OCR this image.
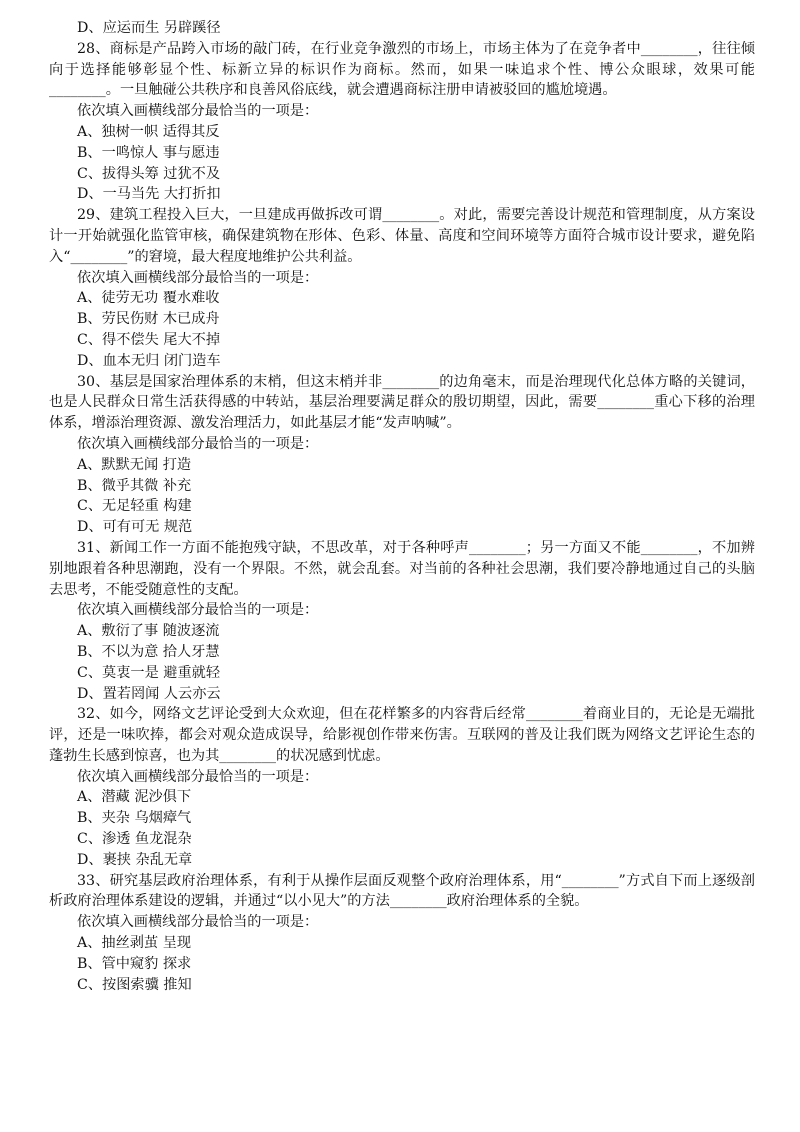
D、应运而生 另辟蹊径

28、商标是产品跨入市场的敲门砖，在行业竞争激烈的市场上，市场主体为了在竞争者中________，往往倾向于选择能够彰显个性、标新立异的标识作为商标。然而，如果一味追求个性、博公众眼球，效果可能________。一旦触碰公共秩序和良善风俗底线，就会遭遇商标注册申请被驳回的尴尬境遇。

依次填入画横线部分最恰当的一项是：
A、独树一帜 适得其反
B、一鸣惊人 事与愿违
C、拔得头筹 过犹不及
D、一马当先 大打折扣

29、建筑工程投入巨大，一旦建成再做拆改可谓________。对此，需要完善设计规范和管理制度，从方案设计一开始就强化监管审核，确保建筑物在形体、色彩、体量、高度和空间环境等方面符合城市设计要求，避免陷入“________”的窘境，最大程度地维护公共利益。

依次填入画横线部分最恰当的一项是：
A、徒劳无功 覆水难收
B、劳民伤财 木已成舟
C、得不偿失 尾大不掉
D、血本无归 闭门造车

30、基层是国家治理体系的末梢，但这末梢并非________的边角毫末，而是治理现代化总体方略的关键词，也是人民群众日常生活获得感的中转站，基层治理要满足群众的殷切期望，因此，需要________重心下移的治理体系，增添治理资源、激发治理活力，如此基层才能“发声呐喊”。

依次填入画横线部分最恰当的一项是：
A、默默无闻 打造
B、微乎其微 补充
C、无足轻重 构建
D、可有可无 规范

31、新闻工作一方面不能抱残守缺，不思改革，对于各种呼声________；另一方面又不能________，不加辨别地跟着各种思潮跑，没有一个界限。不然，就会乱套。对当前的各种社会思潮，我们要冷静地通过自己的头脑去思考，不能受随意性的支配。

依次填入画横线部分最恰当的一项是：
A、敷衍了事 随波逐流
B、不以为意 拾人牙慧
C、莫衷一是 避重就轻
D、置若罔闻 人云亦云

32、如今，网络文艺评论受到大众欢迎，但在花样繁多的内容背后经常________着商业目的，无论是无端批评，还是一味吹捧，都会对观众造成误导，给影视创作带来伤害。互联网的普及让我们既为网络文艺评论生态的蓬勃生长感到惊喜，也为其________的状况感到忧虑。

依次填入画横线部分最恰当的一项是：
A、潜藏 泥沙俱下
B、夹杂 乌烟瘴气
C、渗透 鱼龙混杂
D、裹挟 杂乱无章

33、研究基层政府治理体系，有利于从操作层面反观整个政府治理体系，用“________”方式自下而上逐级剖析政府治理体系建设的逻辑，并通过“以小见大”的方法________政府治理体系的全貌。

依次填入画横线部分最恰当的一项是：
A、抽丝剥茧 呈现
B、管中窥豹 探求
C、按图索骥 推知
